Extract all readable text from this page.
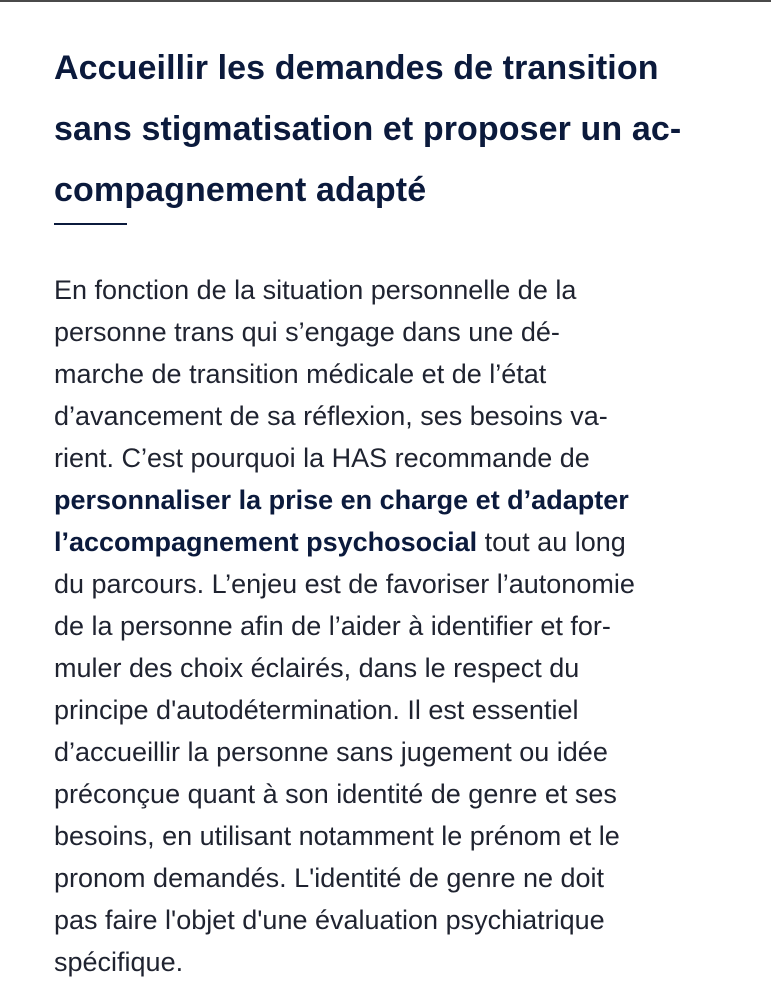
Accueillir les demandes de transition
sans stigmatisation et proposer un ac-
compagnement adapté

En fonction de la situation personnelle de la
personne trans qui s’engage dans une dé-
marche de transition médicale et de l’état
d’avancement de sa réflexion, ses besoins va-
rient. C’est pourquoi la HAS recommande de
personnaliser la prise en charge et d’adapter
l’accompagnement psychosocial tout au long
du parcours. L’enjeu est de favoriser l’autonomie
de la personne afin de l’aider à identifier et for-
muler des choix éclairés, dans le respect du
principe d'autodétermination. Il est essentiel
d’accueillir la personne sans jugement ou idée
préconçue quant à son identité de genre et ses
besoins, en utilisant notamment le prénom et le
pronom demandés. L'identité de genre ne doit
pas faire l'objet d'une évaluation psychiatrique
spécifique.
